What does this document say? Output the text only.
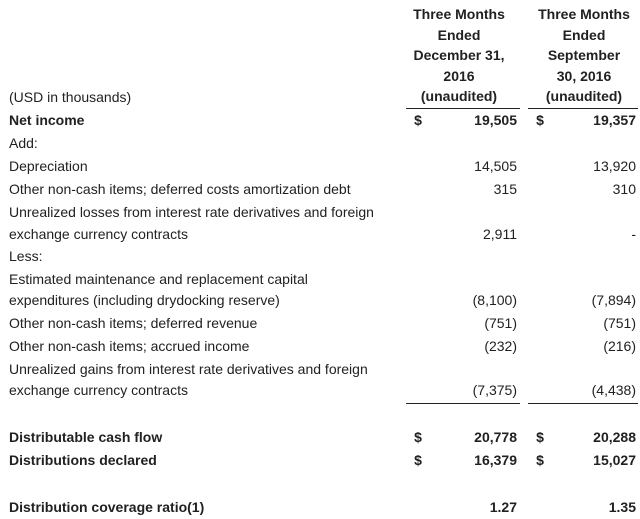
Three Months
Ended
December 31,
2016
(unaudited)
Three Months
Ended
September
30, 2016
(unaudited)
(USD in thousands)
Net income	$	19,505 $	19,357
Add:
Depreciation	14,505	13,920
Other non-cash items; deferred costs amortization debt	315	310
Unrealized losses from interest rate derivatives and foreign
exchange currency contracts	2,911	-
Less:
Estimated maintenance and replacement capital
expenditures (including drydocking reserve)	(8,100)	(7,894)
Other non-cash items; deferred revenue	(751)	(751)
Other non-cash items; accrued income	(232)	(216)
Unrealized gains from interest rate derivatives and foreign
exchange currency contracts	(7,375)	(4,438)
Distributable cash flow	$	20,778 $	20,288
Distributions declared	$	16,379 $	15,027
Distribution coverage ratio(1)	1.27	1.35
